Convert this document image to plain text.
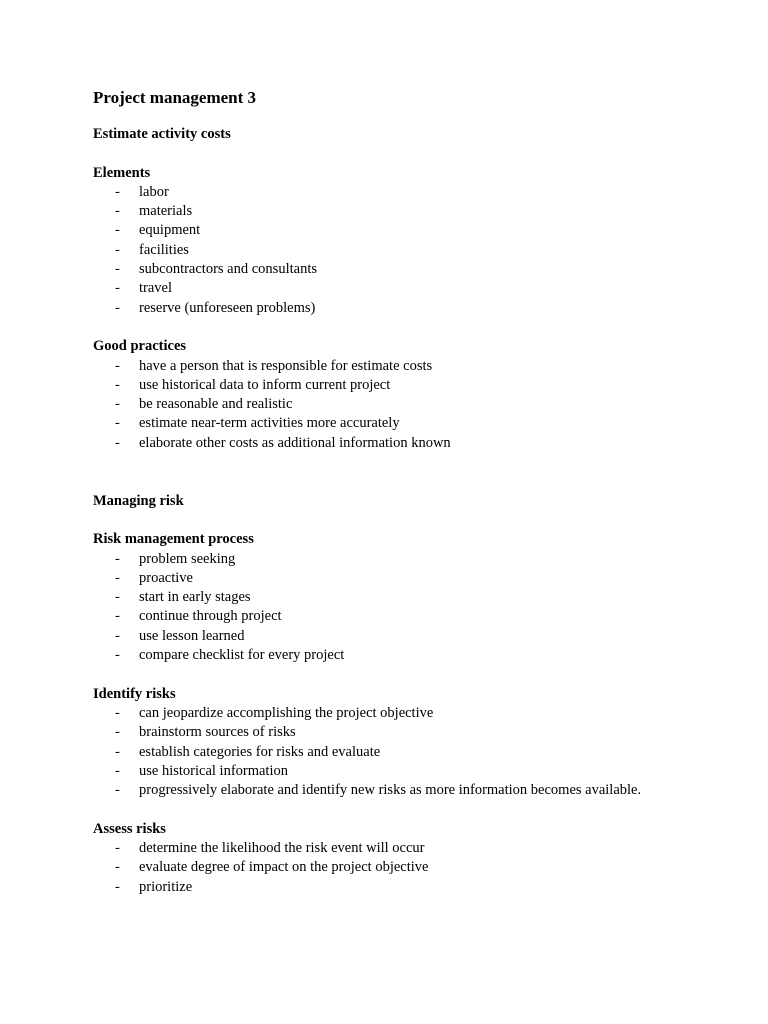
Project management 3
Estimate activity costs
Elements
- labor
- materials
- equipment
- facilities
- subcontractors and consultants
- travel
- reserve (unforeseen problems)
Good practices
- have a person that is responsible for estimate costs
- use historical data to inform current project
- be reasonable and realistic
- estimate near-term activities more accurately
- elaborate other costs as additional information known
Managing risk
Risk management process
- problem seeking
- proactive
- start in early stages
- continue through project
- use lesson learned
- compare checklist for every project
Identify risks
- can jeopardize accomplishing the project objective
- brainstorm sources of risks
- establish categories for risks and evaluate
- use historical information
- progressively elaborate and identify new risks as more information becomes available.
Assess risks
- determine the likelihood the risk event will occur
- evaluate degree of impact on the project objective
- prioritize
